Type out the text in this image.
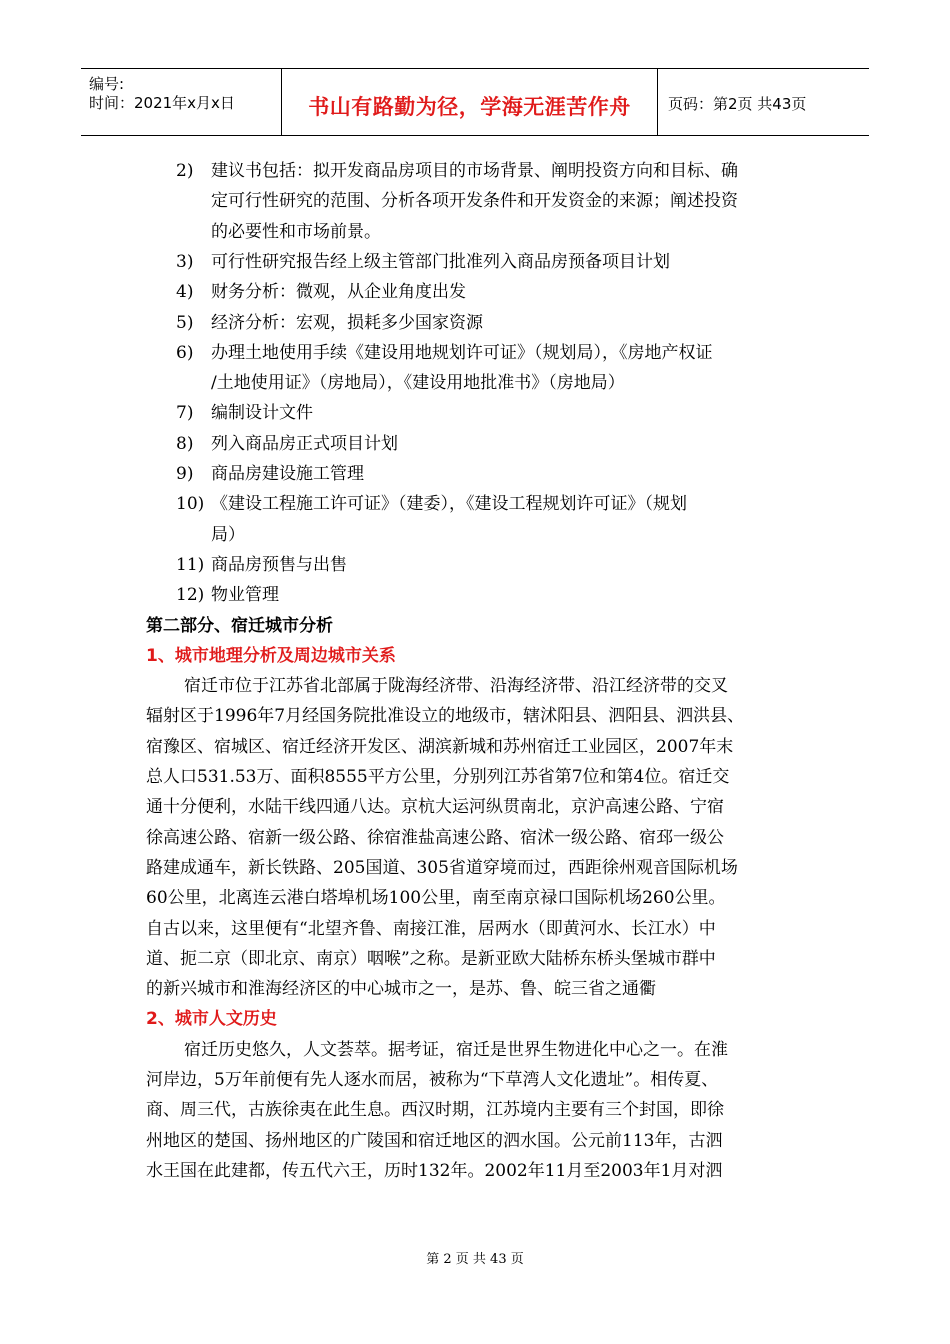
编号:
时间：2021年x月x日	书山有路勤为径，学海无涯苦作舟	页码：第2页 共43页
2) 建议书包括：拟开发商品房项目的市场背景、阐明投资方向和目标、确
定可行性研究的范围、分析各项开发条件和开发资金的来源；阐述投资
的必要性和市场前景。
3) 可行性研究报告经上级主管部门批准列入商品房预备项目计划
4) 财务分析：微观，从企业角度出发
5) 经济分析：宏观，损耗多少国家资源
6) 办理土地使用手续《建设用地规划许可证》（规划局），《房地产权证
/土地使用证》（房地局），《建设用地批准书》（房地局）
7) 编制设计文件
8) 列入商品房正式项目计划
9) 商品房建设施工管理
10) 《建设工程施工许可证》（建委），《建设工程规划许可证》（规划
局）
11) 商品房预售与出售
12) 物业管理
第二部分、宿迁城市分析
1、城市地理分析及周边城市关系
宿迁市位于江苏省北部属于陇海经济带、沿海经济带、沿江经济带的交叉
辐射区于1996年7月经国务院批准设立的地级市，辖沭阳县、泗阳县、泗洪县、
宿豫区、宿城区、宿迁经济开发区、湖滨新城和苏州宿迁工业园区，2007年末
总人口531.53万、面积8555平方公里，分别列江苏省第7位和第4位。宿迁交
通十分便利，水陆干线四通八达。京杭大运河纵贯南北，京沪高速公路、宁宿
徐高速公路、宿新一级公路、徐宿淮盐高速公路、宿沭一级公路、宿邳一级公
路建成通车，新长铁路、205国道、305省道穿境而过，西距徐州观音国际机场
60公里，北离连云港白塔埠机场100公里，南至南京禄口国际机场260公里。
自古以来，这里便有“北望齐鲁、南接江淮，居两水（即黄河水、长江水）中
道、扼二京（即北京、南京）咽喉”之称。是新亚欧大陆桥东桥头堡城市群中
的新兴城市和淮海经济区的中心城市之一，是苏、鲁、皖三省之通衢
2、城市人文历史
宿迁历史悠久，人文荟萃。据考证，宿迁是世界生物进化中心之一。在淮
河岸边，5万年前便有先人逐水而居，被称为“下草湾人文化遗址”。相传夏、
商、周三代，古族徐夷在此生息。西汉时期，江苏境内主要有三个封国，即徐
州地区的楚国、扬州地区的广陵国和宿迁地区的泗水国。公元前113年，古泗
水王国在此建都，传五代六王，历时132年。2002年11月至2003年1月对泗
第 2 页 共 43 页
